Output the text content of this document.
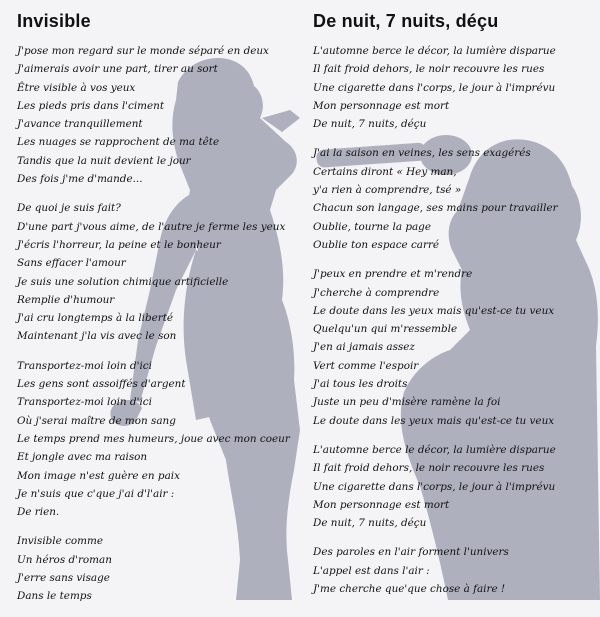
Invisible
J'pose mon regard sur le monde séparé en deux
J'aimerais avoir une part, tirer au sort
Être visible à vos yeux
Les pieds pris dans l'ciment
J'avance tranquillement
Les nuages se rapprochent de ma tête
Tandis que la nuit devient le jour
Des fois j'me d'mande...
De quoi je suis fait?
D'une part j'vous aime, de l'autre je ferme les yeux
J'écris l'horreur, la peine et le bonheur
Sans effacer l'amour
Je suis une solution chimique artificielle
Remplie d'humour
J'ai cru longtemps à la liberté
Maintenant j'la vis avec le son
Transportez-moi loin d'ici
Les gens sont assoiffés d'argent
Transportez-moi loin d'ici
Où j'serai maître de mon sang
Le temps prend mes humeurs, joue avec mon coeur
Et jongle avec ma raison
Mon image n'est guère en paix
Je n'suis que c'que j'ai d'l'air :
De rien.
Invisible comme
Un héros d'roman
J'erre sans visage
Dans le temps
De nuit, 7 nuits, déçu
L'automne berce le décor, la lumière disparue
Il fait froid dehors, le noir recouvre les rues
Une cigarette dans l'corps, le jour à l'imprévu
Mon personnage est mort
De nuit, 7 nuits, déçu
J'ai la saison en veines, les sens exagérés
Certains diront « Hey man,
y'a rien à comprendre, tsé »
Chacun son langage, ses mains pour travailler
Oublie, tourne la page
Oublie ton espace carré
J'peux en prendre et m'rendre
J'cherche à comprendre
Le doute dans les yeux mais qu'est-ce tu veux
Quelqu'un qui m'ressemble
J'en ai jamais assez
Vert comme l'espoir
J'ai tous les droits
Juste un peu d'misère ramène la foi
Le doute dans les yeux mais qu'est-ce tu veux
L'automne berce le décor, la lumière disparue
Il fait froid dehors, le noir recouvre les rues
Une cigarette dans l'corps, le jour à l'imprévu
Mon personnage est mort
De nuit, 7 nuits, déçu
Des paroles en l'air forment l'univers
L'appel est dans l'air :
J'me cherche que'que chose à faire !
